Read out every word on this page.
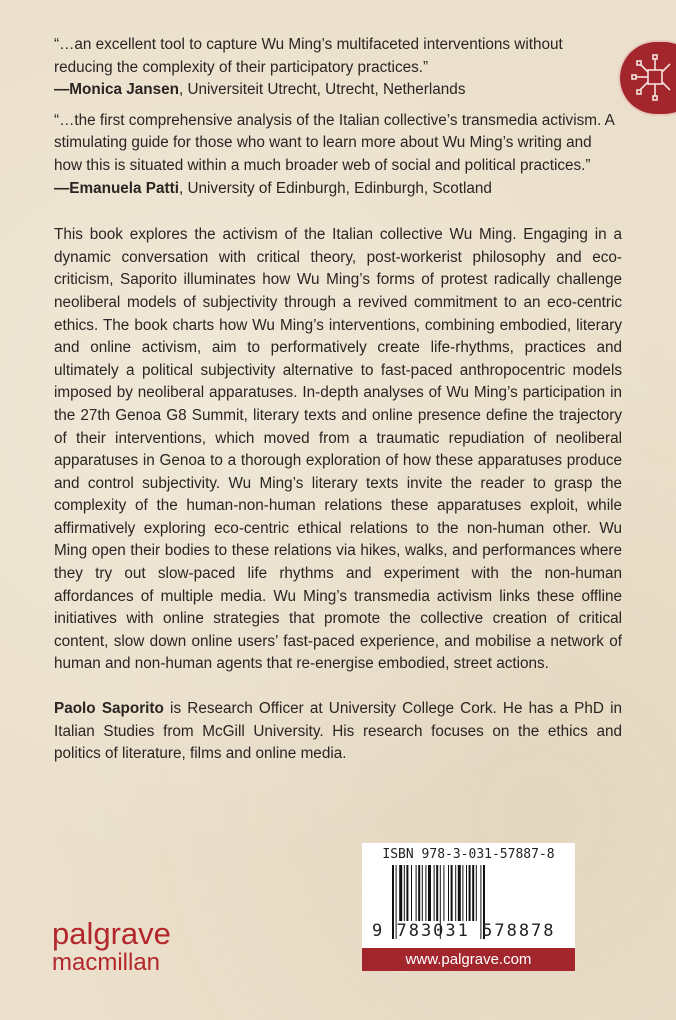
“…an excellent tool to capture Wu Ming’s multifaceted interventions without reducing the complexity of their participatory practices.”
—Monica Jansen, Universiteit Utrecht, Utrecht, Netherlands

“…the first comprehensive analysis of the Italian collective’s transmedia activism. A stimulating guide for those who want to learn more about Wu Ming’s writing and how this is situated within a much broader web of social and political practices.”
—Emanuela Patti, University of Edinburgh, Edinburgh, Scotland

This book explores the activism of the Italian collective Wu Ming. Engaging in a dynamic conversation with critical theory, post-workerist philosophy and eco-criticism, Saporito illuminates how Wu Ming’s forms of protest radically challenge neoliberal models of subjectivity through a revived commitment to an eco-centric ethics. The book charts how Wu Ming’s interventions, combining embodied, literary and online activism, aim to performatively create life-rhythms, practices and ultimately a political subjectivity alternative to fast-paced anthropocentric models imposed by neoliberal apparatuses. In-depth analyses of Wu Ming’s participation in the 27th Genoa G8 Summit, literary texts and online presence define the trajectory of their interventions, which moved from a traumatic repudiation of neoliberal apparatuses in Genoa to a thorough exploration of how these apparatuses produce and control subjectivity. Wu Ming’s literary texts invite the reader to grasp the complexity of the human-non-human relations these apparatuses exploit, while affirmatively exploring eco-centric ethical relations to the non-human other. Wu Ming open their bodies to these relations via hikes, walks, and performances where they try out slow-paced life rhythms and experiment with the non-human affordances of multiple media. Wu Ming’s transmedia activism links these offline initiatives with online strategies that promote the collective creation of critical content, slow down online users’ fast-paced experience, and mobilise a network of human and non-human agents that re-energise embodied, street actions.

Paolo Saporito is Research Officer at University College Cork. He has a PhD in Italian Studies from McGill University. His research focuses on the ethics and politics of literature, films and online media.

palgrave
macmillan
ISBN 978-3-031-57887-8
9 783031 578878
www.palgrave.com
